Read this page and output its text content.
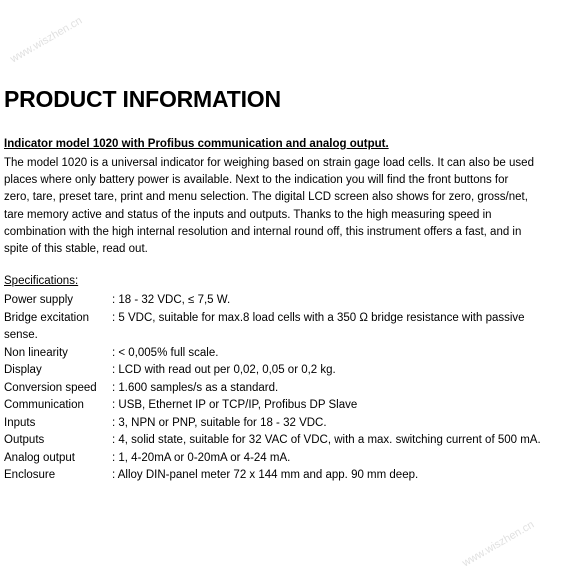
www.wiszhen.cn
www.wiszhen.cn
PRODUCT INFORMATION
Indicator model 1020 with Profibus communication and analog output.
The model 1020 is a universal indicator for weighing based on strain gage load cells. It can also be used
places where only battery power is available. Next to the indication you will find the front buttons for
zero, tare, preset tare, print and menu selection. The digital LCD screen also shows for zero, gross/net,
tare memory active and status of the inputs and outputs. Thanks to the high measuring speed in
combination with the high internal resolution and internal round off, this instrument offers a fast, and in
spite of this stable, read out.
Specifications:
Power supply	: 18 - 32 VDC, ≤ 7,5 W.
Bridge excitation : 5 VDC, suitable for max.8 load cells with a 350 Ω bridge resistance with passive
sense.
Non linearity	: < 0,005% full scale.
Display	: LCD with read out per 0,02, 0,05 or 0,2 kg.
Conversion speed : 1.600 samples/s as a standard.
Communication : USB, Ethernet IP or TCP/IP, Profibus DP Slave
Inputs	: 3, NPN or PNP, suitable for 18 - 32 VDC.
Outputs	: 4, solid state, suitable for 32 VAC of VDC, with a max. switching current of 500 mA.
Analog output	: 1, 4-20mA or 0-20mA or 4-24 mA.
Enclosure	: Alloy DIN-panel meter 72 x 144 mm and app. 90 mm deep.
